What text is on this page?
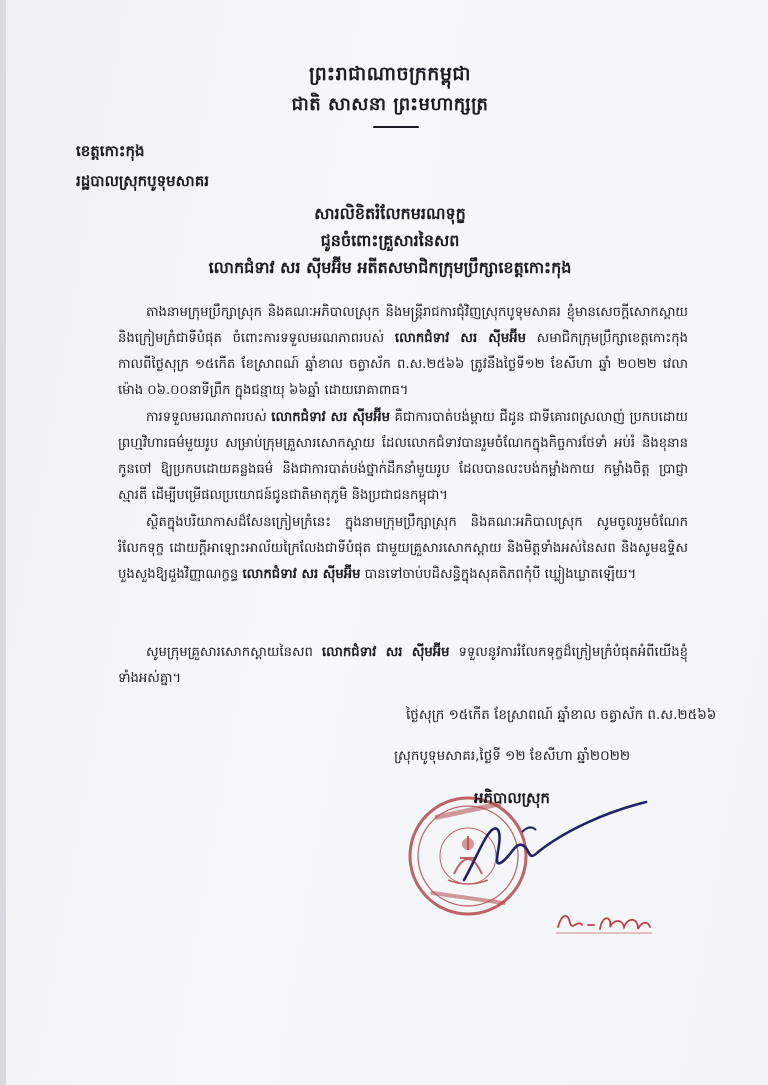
ព្រះរាជាណាចក្រកម្ពុជា
ជាតិ សាសនា ព្រះមហាក្សត្រ
ខេត្តកោះកុង
រដ្ឋបាលស្រុកបូទុមសាគរ
សារលិខិតរំលែកមរណទុក្ខ
ជូនចំពោះគ្រួសារនៃសព
លោកជំទាវ សរ ស៊ីមអ៊ីម អតីតសមាជិកក្រុមប្រឹក្សាខេត្តកោះកុង
តាងនាមក្រុមប្រឹក្សាស្រុក និងគណៈអភិបាលស្រុក និងមន្ត្រីរាជការជុំវិញស្រុកបូទុមសាគរ ខ្ញុំមានសេចក្តីសោកស្តាយ និងក្រៀមក្រំជាទីបំផុត ចំពោះការទទួលមរណភាពរបស់ លោកជំទាវ សរ ស៊ីមអ៊ីម សមាជិកក្រុមប្រឹក្សាខេត្តកោះកុង កាលពីថ្ងៃសុក្រ ១៥កើត ខែស្រាពណ៍ ឆ្នាំខាល ចត្វាស័ក ព.ស.២៥៦៦ ត្រូវនឹងថ្ងៃទី១២ ខែសីហា ឆ្នាំ ២០២២ វេលាម៉ោង ០៦.០០នាទីព្រឹក ក្នុងជន្មាយុ ៦៦ឆ្នាំ ដោយរោគាពាធ។
ការទទួលមរណភាពរបស់ លោកជំទាវ សរ ស៊ីមអ៊ីម គឺជាការបាត់បង់ម្តាយ ជីដូន ជាទីគោរពស្រលាញ់ ប្រកបដោយព្រហ្មវិហារធម៌មួយរូប សម្រាប់ក្រុមគ្រួសារសោកស្តាយ ដែលលោកជំទាវបានរួមចំណែកក្នុងកិច្ចការថែទាំ អប់រំ និងខុនានកូនចៅ ឱ្យប្រកបដោយគន្លងធម៌ និងជាការបាត់បង់ថ្នាក់ដឹកនាំមួយរូប ដែលបានលះបង់កម្លាំងកាយ កម្លាំងចិត្ត ប្រាជ្ញា ស្មារតី ដើម្បីបម្រើផលប្រយោជន៍ជូនជាតិមាតុភូមិ និងប្រជាជនកម្ពុជា។
ស្ថិតក្នុងបរិយាកាសដ៏សែនក្រៀមក្រំនេះ ក្នុងនាមក្រុមប្រឹក្សាស្រុក និងគណៈអភិបាលស្រុក សូមចូលរួមចំណែករំលែកទុក្ខ ដោយក្តីអាឡោះអាល័យក្រៃលែងជាទីបំផុត ជាមួយគ្រួសារសោកស្តាយ និងមិត្តទាំងអស់នៃសព និងសូមឧទ្ទិស បួងសួងឱ្យដួងវិញ្ញាណក្ខន្ធ លោកជំទាវ សរ ស៊ីមអ៊ីម បានទៅចាប់បដិសន្ធិក្នុងសុគតិភពកុំបី ឃ្លៀងឃ្លាតឡើយ។
សូមក្រុមគ្រួសារសោកស្តាយនៃសព លោកជំទាវ សរ ស៊ីមអ៊ីម ទទួលនូវការរំលែកទុក្ខដ៏ក្រៀមក្រំបំផុតអំពីយើងខ្ញុំទាំងអស់គ្នា។
ថ្ងៃសុក្រ ១៥កើត ខែស្រាពណ៍ ឆ្នាំខាល ចត្វាស័ក ព.ស.២៥៦៦
ស្រុកបូទុមសាគរ,ថ្ងៃទី ១២ ខែសីហា ឆ្នាំ២០២២
អភិបាលស្រុក
